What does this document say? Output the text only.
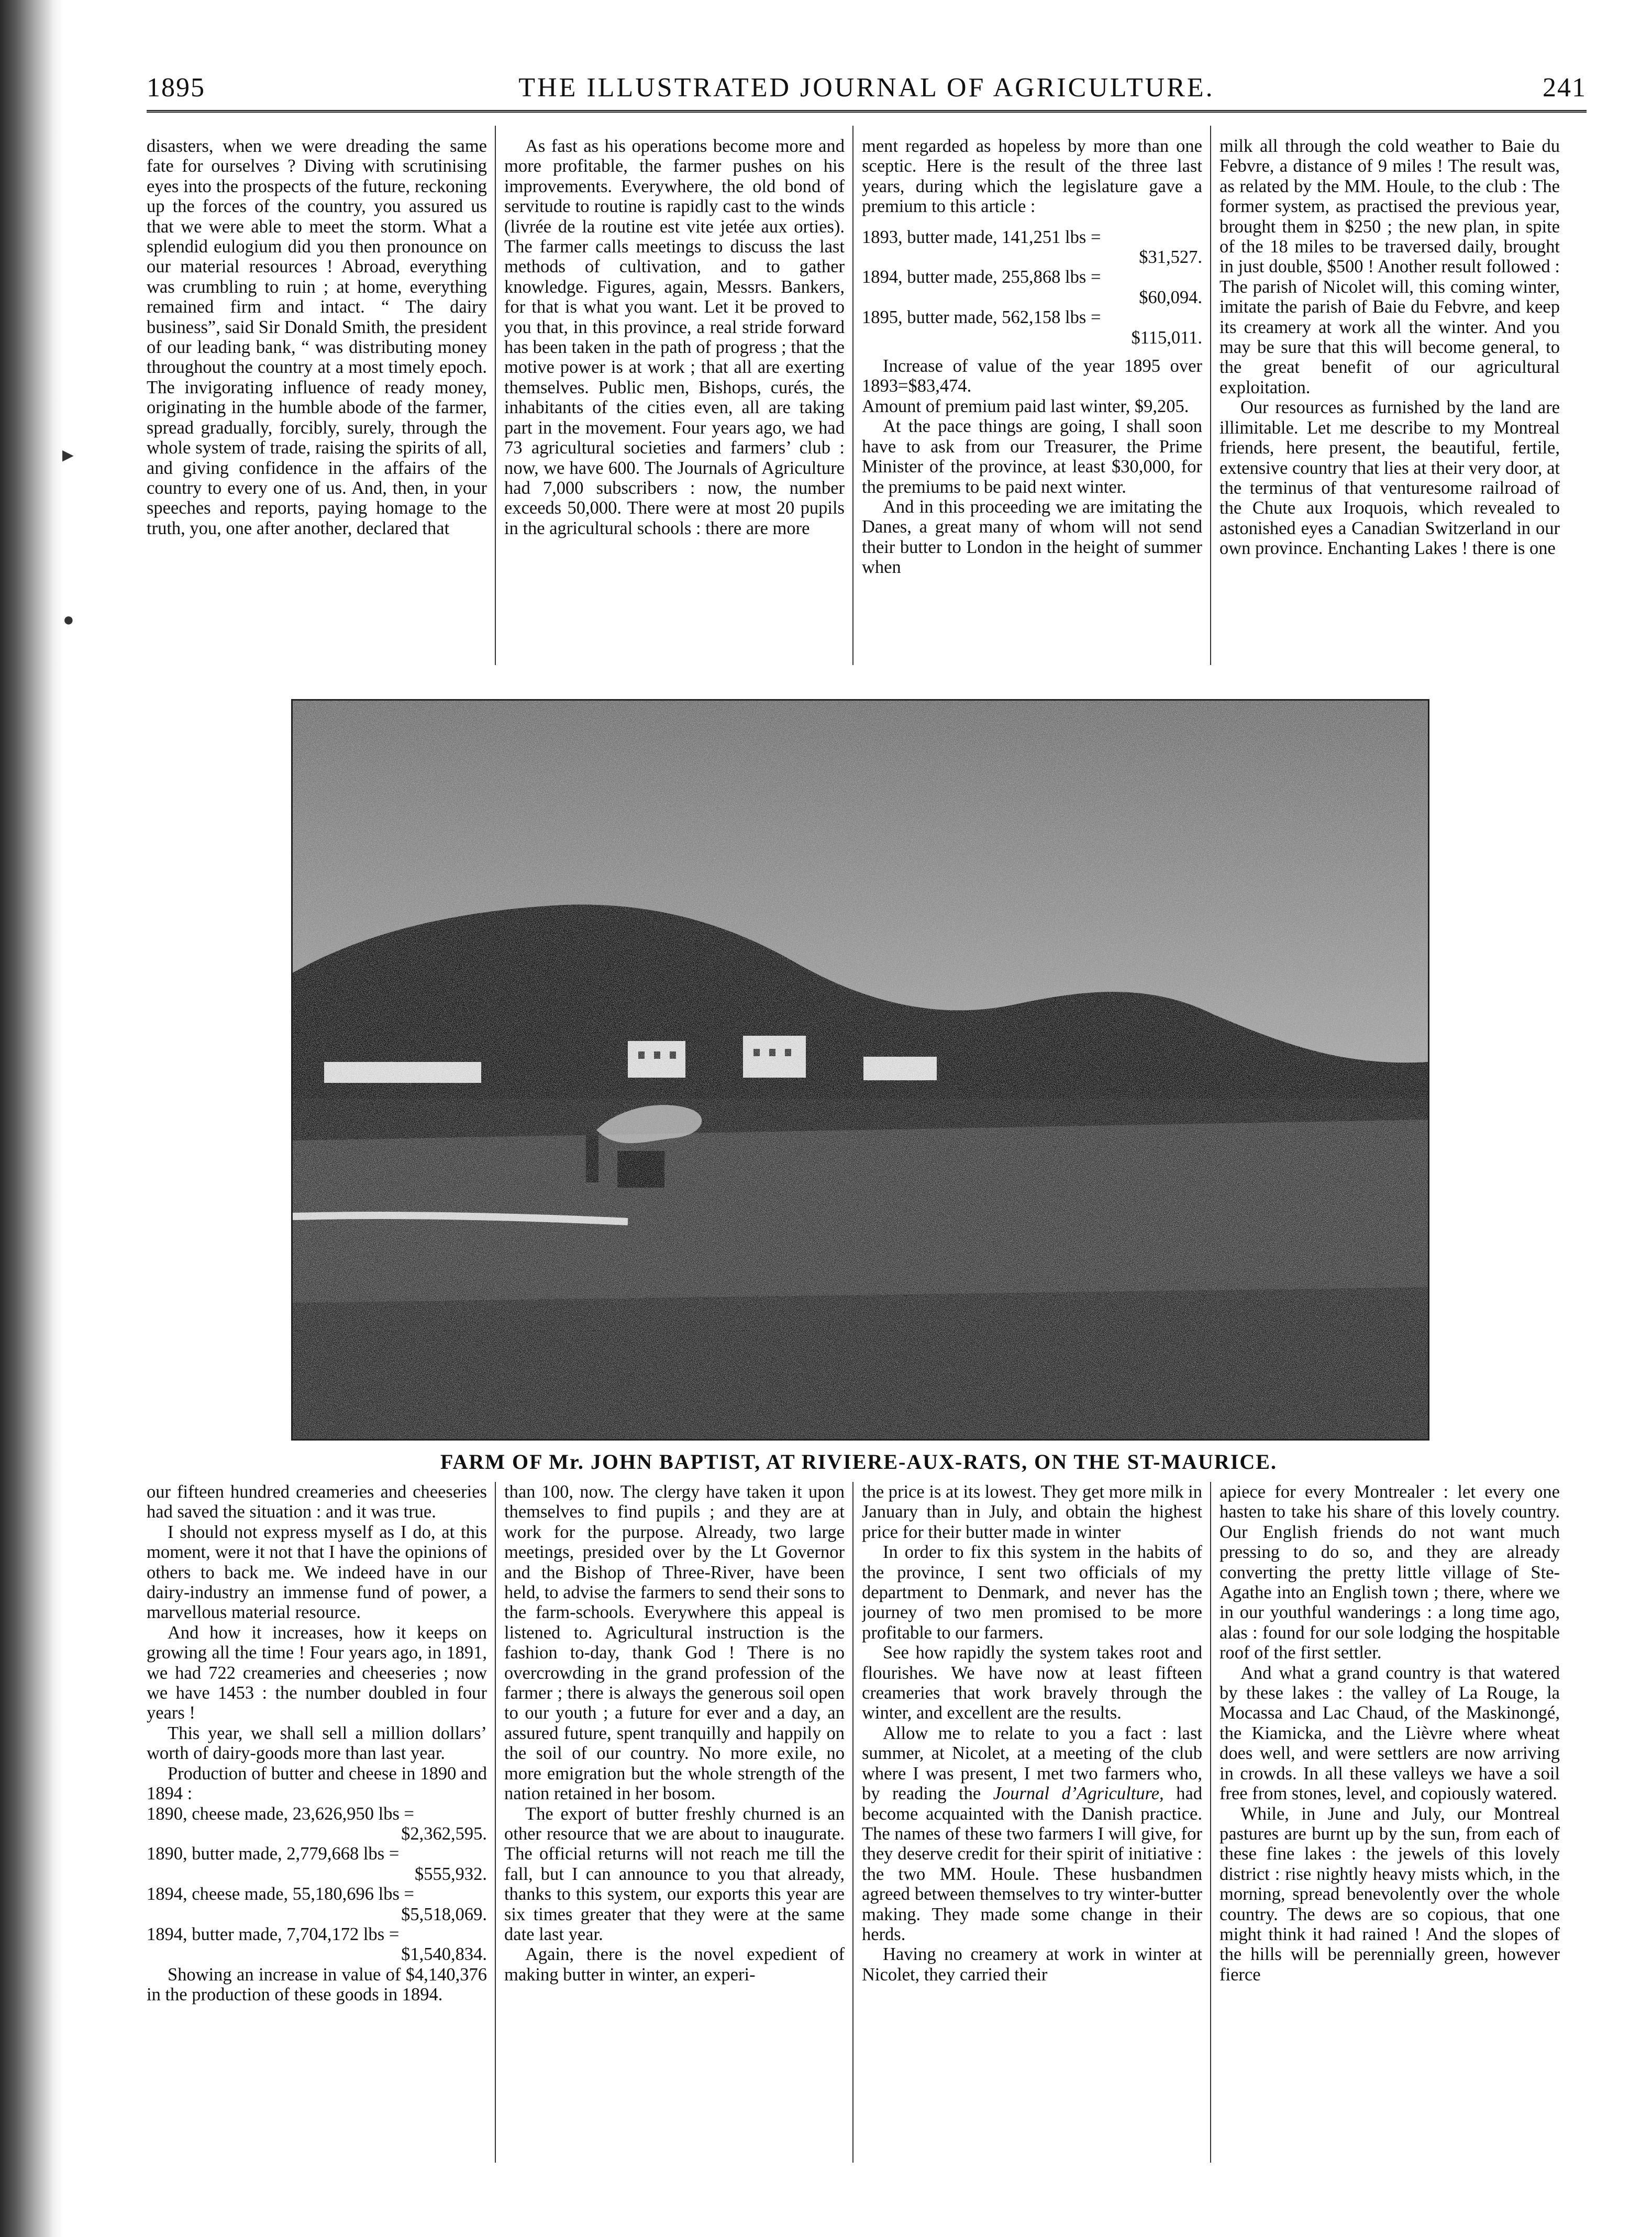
►
●
1895	THE ILLUSTRATED JOURNAL OF AGRICULTURE.	241

disasters, when we were dreading the same fate for ourselves ? Diving with scrutinising eyes into the prospects of the future, reckoning up the forces of the country, you assured us that we were able to meet the storm. What a splendid eulogium did you then pronounce on our material resources ! Abroad, everything was crumbling to ruin ; at home, everything remained firm and intact. “ The dairy business”, said Sir Donald Smith, the president of our leading bank, “ was distributing money throughout the country at a most timely epoch. The invigorating influence of ready money, originating in the humble abode of the farmer, spread gradually, forcibly, surely, through the whole system of trade, raising the spirits of all, and giving confidence in the affairs of the country to every one of us. And, then, in your speeches and reports, paying homage to the truth, you, one after another, declared that

As fast as his operations become more and more profitable, the farmer pushes on his improvements. Everywhere, the old bond of servitude to routine is rapidly cast to the winds (livrée de la routine est vite jetée aux orties). The farmer calls meetings to discuss the last methods of cultivation, and to gather knowledge. Figures, again, Messrs. Bankers, for that is what you want. Let it be proved to you that, in this province, a real stride forward has been taken in the path of progress ; that the motive power is at work ; that all are exerting themselves. Public men, Bishops, curés, the inhabitants of the cities even, all are taking part in the movement. Four years ago, we had 73 agricultural societies and farmers’ club : now, we have 600. The Journals of Agriculture had 7,000 subscribers : now, the number exceeds 50,000. There were at most 20 pupils in the agricultural schools : there are more

ment regarded as hopeless by more than one sceptic. Here is the result of the three last years, during which the legislature gave a premium to this article :

1893, butter made, 141,251 lbs =

$31,527.

1894, butter made, 255,868 lbs =

$60,094.

1895, butter made, 562,158 lbs =

$115,011.

Increase of value of the year 1895 over 1893=$83,474.

Amount of premium paid last winter, $9,205.

At the pace things are going, I shall soon have to ask from our Treasurer, the Prime Minister of the province, at least $30,000, for the premiums to be paid next winter.

And in this proceeding we are imitating the Danes, a great many of whom will not send their butter to London in the height of summer when

milk all through the cold weather to Baie du Febvre, a distance of 9 miles ! The result was, as related by the MM. Houle, to the club : The former system, as practised the previous year, brought them in $250 ; the new plan, in spite of the 18 miles to be traversed daily, brought in just double, $500 ! Another result followed : The parish of Nicolet will, this coming winter, imitate the parish of Baie du Febvre, and keep its creamery at work all the winter. And you may be sure that this will become general, to the great benefit of our agricultural exploitation.

Our resources as furnished by the land are illimitable. Let me describe to my Montreal friends, here present, the beautiful, fertile, extensive country that lies at their very door, at the terminus of that venturesome railroad of the Chute aux Iroquois, which revealed to astonished eyes a Canadian Switzerland in our own province. Enchanting Lakes ! there is one

FARM OF Mr. JOHN BAPTIST, AT RIVIERE-AUX-RATS, ON THE ST-MAURICE.

our fifteen hundred creameries and cheeseries had saved the situation : and it was true.

I should not express myself as I do, at this moment, were it not that I have the opinions of others to back me. We indeed have in our dairy-industry an immense fund of power, a marvellous material resource.

And how it increases, how it keeps on growing all the time ! Four years ago, in 1891, we had 722 creameries and cheeseries ; now we have 1453 : the number doubled in four years !

This year, we shall sell a million dollars’ worth of dairy-goods more than last year.

Production of butter and cheese in 1890 and 1894 :

1890, cheese made, 23,626,950 lbs =

$2,362,595.

1890, butter made, 2,779,668 lbs =

$555,932.

1894, cheese made, 55,180,696 lbs =

$5,518,069.

1894, butter made, 7,704,172 lbs =

$1,540,834.

Showing an increase in value of $4,140,376 in the production of these goods in 1894.

than 100, now. The clergy have taken it upon themselves to find pupils ; and they are at work for the purpose. Already, two large meetings, presided over by the Lt Governor and the Bishop of Three-River, have been held, to advise the farmers to send their sons to the farm-schools. Everywhere this appeal is listened to. Agricultural instruction is the fashion to-day, thank God ! There is no overcrowding in the grand profession of the farmer ; there is always the generous soil open to our youth ; a future for ever and a day, an assured future, spent tranquilly and happily on the soil of our country. No more exile, no more emigration but the whole strength of the nation retained in her bosom.

The export of butter freshly churned is an other resource that we are about to inaugurate. The official returns will not reach me till the fall, but I can announce to you that already, thanks to this system, our exports this year are six times greater that they were at the same date last year.

Again, there is the novel expedient of making butter in winter, an experi-

the price is at its lowest. They get more milk in January than in July, and obtain the highest price for their butter made in winter

In order to fix this system in the habits of the province, I sent two officials of my department to Denmark, and never has the journey of two men promised to be more profitable to our farmers.

See how rapidly the system takes root and flourishes. We have now at least fifteen creameries that work bravely through the winter, and excellent are the results.

Allow me to relate to you a fact : last summer, at Nicolet, at a meeting of the club where I was present, I met two farmers who, by reading the Journal d’Agriculture, had become acquainted with the Danish practice. The names of these two farmers I will give, for they deserve credit for their spirit of initiative : the two MM. Houle. These husbandmen agreed between themselves to try winter-butter making. They made some change in their herds.

Having no creamery at work in winter at Nicolet, they carried their

apiece for every Montrealer : let every one hasten to take his share of this lovely country. Our English friends do not want much pressing to do so, and they are already converting the pretty little village of Ste-Agathe into an English town ; there, where we in our youthful wanderings : a long time ago, alas : found for our sole lodging the hospitable roof of the first settler.

And what a grand country is that watered by these lakes : the valley of La Rouge, la Mocassa and Lac Chaud, of the Maskinongé, the Kiamicka, and the Lièvre where wheat does well, and were settlers are now arriving in crowds. In all these valleys we have a soil free from stones, level, and copiously watered.

While, in June and July, our Montreal pastures are burnt up by the sun, from each of these fine lakes : the jewels of this lovely district : rise nightly heavy mists which, in the morning, spread benevolently over the whole country. The dews are so copious, that one might think it had rained ! And the slopes of the hills will be perennially green, however fierce
